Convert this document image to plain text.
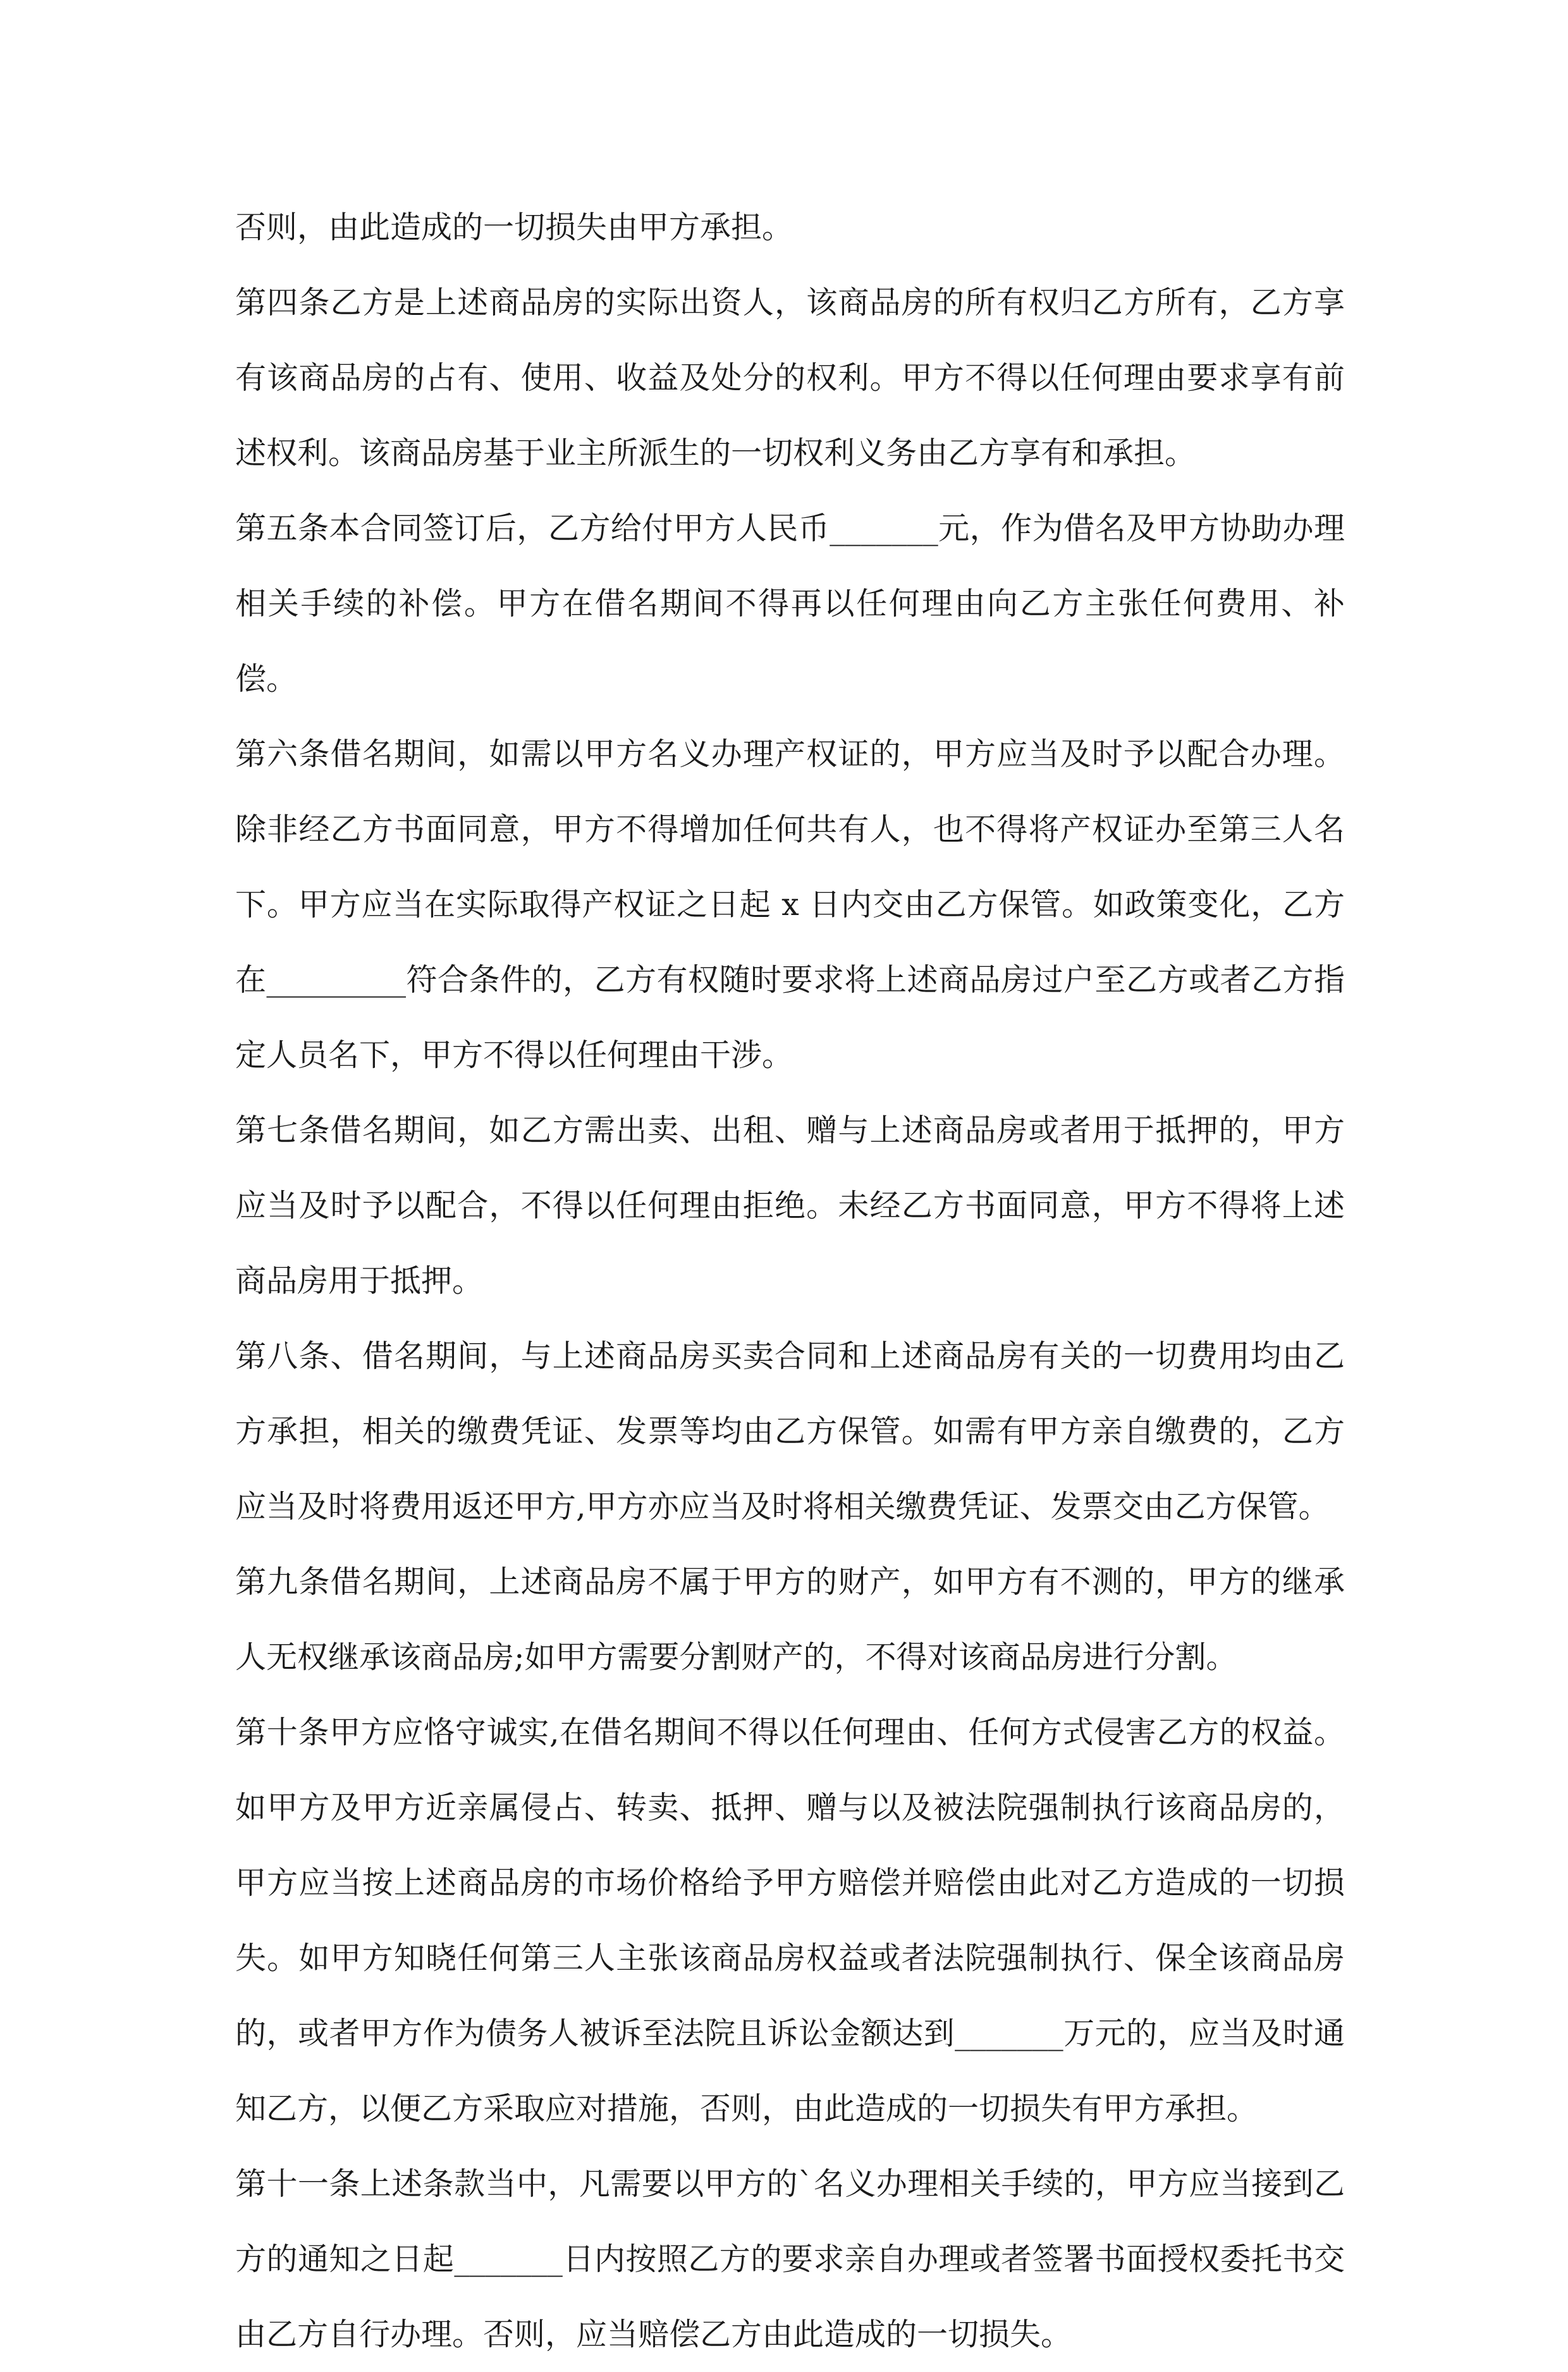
否则，由此造成的一切损失由甲方承担。

第四条乙方是上述商品房的实际出资人，该商品房的所有权归乙方所有，乙方享有该商品房的占有、使用、收益及处分的权利。甲方不得以任何理由要求享有前述权利。该商品房基于业主所派生的一切权利义务由乙方享有和承担。

第五条本合同签订后，乙方给付甲方人民币_______元，作为借名及甲方协助办理相关手续的补偿。甲方在借名期间不得再以任何理由向乙方主张任何费用、补偿。

第六条借名期间，如需以甲方名义办理产权证的，甲方应当及时予以配合办理。除非经乙方书面同意，甲方不得增加任何共有人，也不得将产权证办至第三人名下。甲方应当在实际取得产权证之日起 x 日内交由乙方保管。如政策变化，乙方在_________符合条件的，乙方有权随时要求将上述商品房过户至乙方或者乙方指定人员名下，甲方不得以任何理由干涉。

第七条借名期间，如乙方需出卖、出租、赠与上述商品房或者用于抵押的，甲方应当及时予以配合，不得以任何理由拒绝。未经乙方书面同意，甲方不得将上述商品房用于抵押。

第八条、借名期间，与上述商品房买卖合同和上述商品房有关的一切费用均由乙方承担，相关的缴费凭证、发票等均由乙方保管。如需有甲方亲自缴费的，乙方应当及时将费用返还甲方,甲方亦应当及时将相关缴费凭证、发票交由乙方保管。

第九条借名期间，上述商品房不属于甲方的财产，如甲方有不测的，甲方的继承人无权继承该商品房;如甲方需要分割财产的，不得对该商品房进行分割。

第十条甲方应恪守诚实,在借名期间不得以任何理由、任何方式侵害乙方的权益。如甲方及甲方近亲属侵占、转卖、抵押、赠与以及被法院强制执行该商品房的，甲方应当按上述商品房的市场价格给予甲方赔偿并赔偿由此对乙方造成的一切损失。如甲方知晓任何第三人主张该商品房权益或者法院强制执行、保全该商品房的，或者甲方作为债务人被诉至法院且诉讼金额达到_______万元的，应当及时通知乙方，以便乙方采取应对措施，否则，由此造成的一切损失有甲方承担。

第十一条上述条款当中，凡需要以甲方的`名义办理相关手续的，甲方应当接到乙方的通知之日起_______日内按照乙方的要求亲自办理或者签署书面授权委托书交由乙方自行办理。否则，应当赔偿乙方由此造成的一切损失。
